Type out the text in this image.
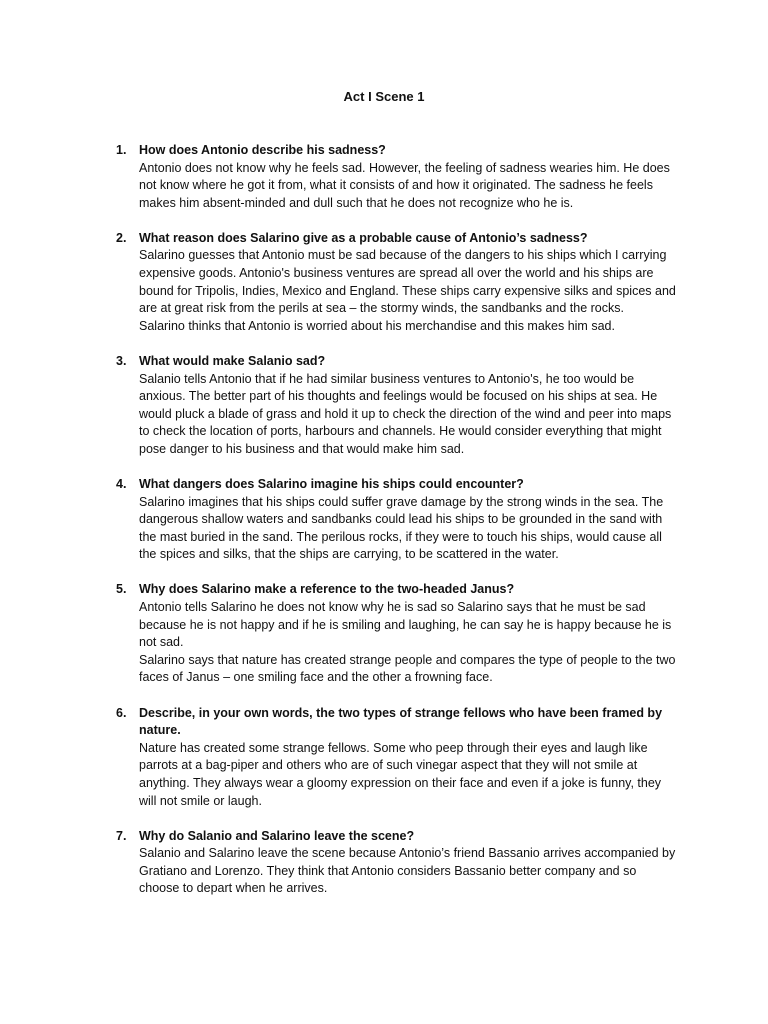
Act I Scene 1
1. How does Antonio describe his sadness?

Antonio does not know why he feels sad. However, the feeling of sadness wearies him. He does not know where he got it from, what it consists of and how it originated. The sadness he feels makes him absent-minded and dull such that he does not recognize who he is.

2. What reason does Salarino give as a probable cause of Antonio’s sadness?

Salarino guesses that Antonio must be sad because of the dangers to his ships which I carrying expensive goods. Antonio's business ventures are spread all over the world and his ships are bound for Tripolis, Indies, Mexico and England. These ships carry expensive silks and spices and are at great risk from the perils at sea – the stormy winds, the sandbanks and the rocks.

Salarino thinks that Antonio is worried about his merchandise and this makes him sad.

3. What would make Salanio sad?

Salanio tells Antonio that if he had similar business ventures to Antonio's, he too would be anxious. The better part of his thoughts and feelings would be focused on his ships at sea. He would pluck a blade of grass and hold it up to check the direction of the wind and peer into maps to check the location of ports, harbours and channels. He would consider everything that might pose danger to his business and that would make him sad.

4. What dangers does Salarino imagine his ships could encounter?

Salarino imagines that his ships could suffer grave damage by the strong winds in the sea. The dangerous shallow waters and sandbanks could lead his ships to be grounded in the sand with the mast buried in the sand. The perilous rocks, if they were to touch his ships, would cause all the spices and silks, that the ships are carrying, to be scattered in the water.

5. Why does Salarino make a reference to the two-headed Janus?

Antonio tells Salarino he does not know why he is sad so Salarino says that he must be sad because he is not happy and if he is smiling and laughing, he can say he is happy because he is not sad.

Salarino says that nature has created strange people and compares the type of people to the two faces of Janus – one smiling face and the other a frowning face.

6. Describe, in your own words, the two types of strange fellows who have been framed by nature.

Nature has created some strange fellows. Some who peep through their eyes and laugh like parrots at a bag-piper and others who are of such vinegar aspect that they will not smile at anything. They always wear a gloomy expression on their face and even if a joke is funny, they will not smile or laugh.

7. Why do Salanio and Salarino leave the scene?

Salanio and Salarino leave the scene because Antonio’s friend Bassanio arrives accompanied by Gratiano and Lorenzo. They think that Antonio considers Bassanio better company and so choose to depart when he arrives.
